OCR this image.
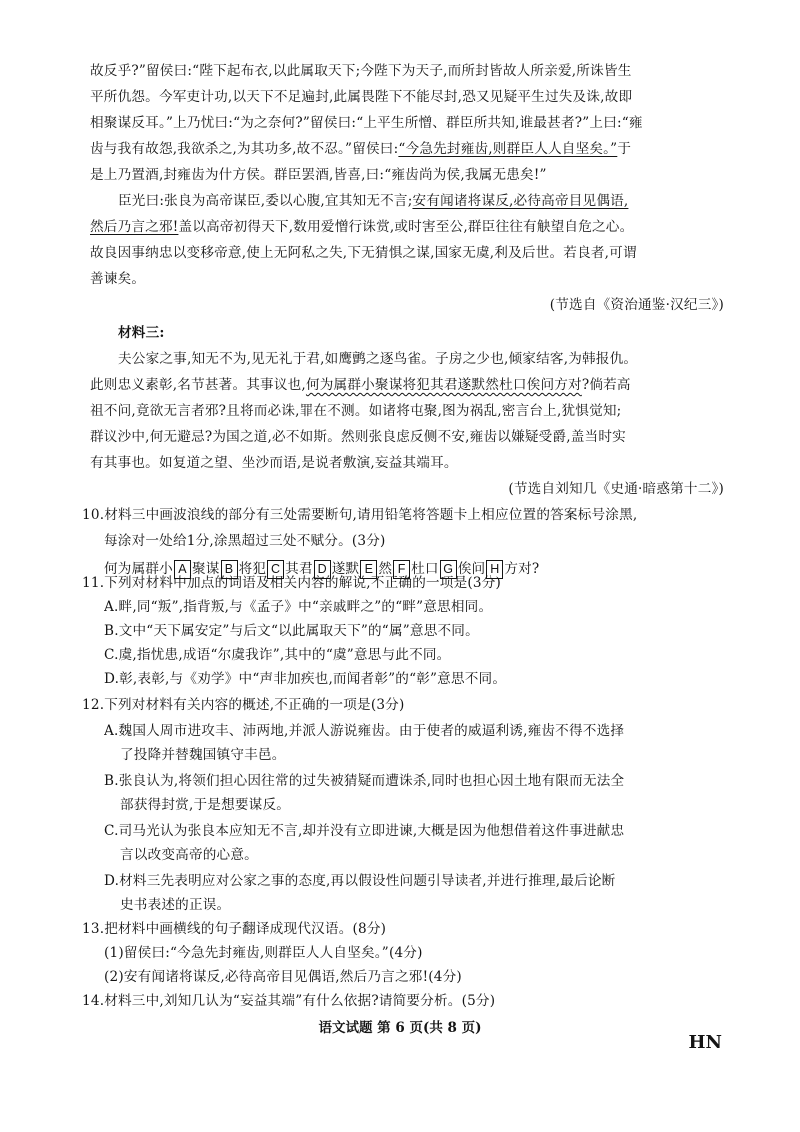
故反乎?”留侯曰:“陛下起布衣,以此属取天下;今陛下为天子,而所封皆故人所亲爱,所诛皆生
平所仇怨。今军吏计功,以天下不足遍封,此属畏陛下不能尽封,恐又见疑平生过失及诛,故即
相聚谋反耳。”上乃忧曰:“为之奈何?”留侯曰:“上平生所憎、群臣所共知,谁最甚者?”上曰:“雍
齿与我有故怨,我欲杀之,为其功多,故不忍。”留侯曰:“今急先封雍齿,则群臣人人自坚矣。”于
是上乃置酒,封雍齿为什方侯。群臣罢酒,皆喜,曰:“雍齿尚为侯,我属无患矣!”
臣光曰:张良为高帝谋臣,委以心腹,宜其知无不言;安有闻诸将谋反,必待高帝目见偶语,
然后乃言之邪!盖以高帝初得天下,数用爱憎行诛赏,或时害至公,群臣往往有觖望自危之心。
故良因事纳忠以变移帝意,使上无阿私之失,下无猜惧之谋,国家无虞,利及后世。若良者,可谓
善谏矣。
(节选自《资治通鉴·汉纪三》)
材料三:
夫公家之事,知无不为,见无礼于君,如鹰鹯之逐鸟雀。子房之少也,倾家结客,为韩报仇。
此则忠义素彰,名节甚著。其事议也,何为属群小聚谋将犯其君遂默然杜口俟问方对?倘若高
祖不问,竟欲无言者邪?且将而必诛,罪在不测。如诸将屯聚,图为祸乱,密言台上,犹惧觉知;
群议沙中,何无避忌?为国之道,必不如斯。然则张良虑反侧不安,雍齿以嫌疑受爵,盖当时实
有其事也。如复道之望、坐沙而语,是说者敷演,妄益其端耳。
(节选自刘知几《史通·暗惑第十二》)
10.材料三中画波浪线的部分有三处需要断句,请用铅笔将答题卡上相应位置的答案标号涂黑,
每涂对一处给1分,涂黑超过三处不赋分。(3分)
何为属群小 A 聚谋 B 将犯 C 其君 D 遂默 E 然 F 杜口 G 俟问 H 方对?
11.下列对材料中加点的词语及相关内容的解说,不正确的一项是(3分)
A.畔,同“叛”,指背叛,与《孟子》中“亲戚畔之”的“畔”意思相同。
B.文中“天下属安定”与后文“以此属取天下”的“属”意思不同。
C.虞,指忧患,成语“尔虞我诈”,其中的“虞”意思与此不同。
D.彰,表彰,与《劝学》中“声非加疾也,而闻者彰”的“彰”意思不同。
12.下列对材料有关内容的概述,不正确的一项是(3分)
A.魏国人周市进攻丰、沛两地,并派人游说雍齿。由于使者的威逼利诱,雍齿不得不选择
了投降并替魏国镇守丰邑。
B.张良认为,将领们担心因往常的过失被猜疑而遭诛杀,同时也担心因土地有限而无法全
部获得封赏,于是想要谋反。
C.司马光认为张良本应知无不言,却并没有立即进谏,大概是因为他想借着这件事进献忠
言以改变高帝的心意。
D.材料三先表明应对公家之事的态度,再以假设性问题引导读者,并进行推理,最后论断
史书表述的正误。
语文试题 第 6 页(共 8 页)
HN
13.把材料中画横线的句子翻译成现代汉语。(8分)
(1)留侯曰:“今急先封雍齿,则群臣人人自坚矣。”(4分)
(2)安有闻诸将谋反,必待高帝目见偶语,然后乃言之邪!(4分)
14.材料三中,刘知几认为“妄益其端”有什么依据?请简要分析。(5分)
